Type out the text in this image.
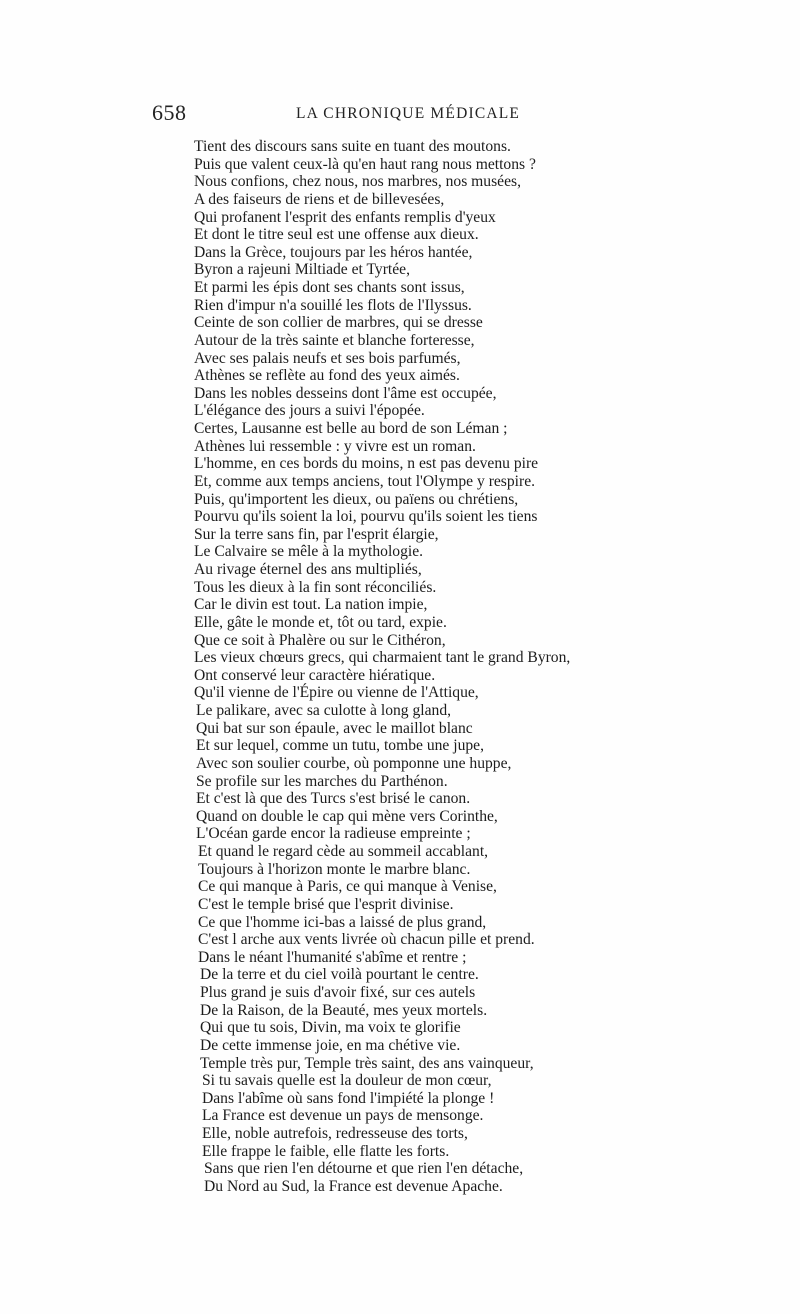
658	LA CHRONIQUE MÉDICALE
Tient des discours sans suite en tuant des moutons.
Puis que valent ceux-là qu'en haut rang nous mettons ?
Nous confions, chez nous, nos marbres, nos musées,
A des faiseurs de riens et de billevesées,
Qui profanent l'esprit des enfants remplis d'yeux
Et dont le titre seul est une offense aux dieux.
Dans la Grèce, toujours par les héros hantée,
Byron a rajeuni Miltiade et Tyrtée,
Et parmi les épis dont ses chants sont issus,
Rien d'impur n'a souillé les flots de l'Ilyssus.
Ceinte de son collier de marbres, qui se dresse
Autour de la très sainte et blanche forteresse,
Avec ses palais neufs et ses bois parfumés,
Athènes se reflète au fond des yeux aimés.
Dans les nobles desseins dont l'âme est occupée,
L'élégance des jours a suivi l'épopée.
Certes, Lausanne est belle au bord de son Léman ;
Athènes lui ressemble : y vivre est un roman.
L'homme, en ces bords du moins, n est pas devenu pire
Et, comme aux temps anciens, tout l'Olympe y respire.
Puis, qu'importent les dieux, ou païens ou chrétiens,
Pourvu qu'ils soient la loi, pourvu qu'ils soient les tiens
Sur la terre sans fin, par l'esprit élargie,
Le Calvaire se mêle à la mythologie.
Au rivage éternel des ans multipliés,
Tous les dieux à la fin sont réconciliés.
Car le divin est tout. La nation impie,
Elle, gâte le monde et, tôt ou tard, expie.
Que ce soit à Phalère ou sur le Cithéron,
Les vieux chœurs grecs, qui charmaient tant le grand Byron,
Ont conservé leur caractère hiératique.
Qu'il vienne de l'Épire ou vienne de l'Attique,
Le palikare, avec sa culotte à long gland,
Qui bat sur son épaule, avec le maillot blanc
Et sur lequel, comme un tutu, tombe une jupe,
Avec son soulier courbe, où pomponne une huppe,
Se profile sur les marches du Parthénon.
Et c'est là que des Turcs s'est brisé le canon.
Quand on double le cap qui mène vers Corinthe,
L'Océan garde encor la radieuse empreinte ;
Et quand le regard cède au sommeil accablant,
Toujours à l'horizon monte le marbre blanc.
Ce qui manque à Paris, ce qui manque à Venise,
C'est le temple brisé que l'esprit divinise.
Ce que l'homme ici-bas a laissé de plus grand,
C'est l arche aux vents livrée où chacun pille et prend.
Dans le néant l'humanité s'abîme et rentre ;
De la terre et du ciel voilà pourtant le centre.
Plus grand je suis d'avoir fixé, sur ces autels
De la Raison, de la Beauté, mes yeux mortels.
Qui que tu sois, Divin, ma voix te glorifie
De cette immense joie, en ma chétive vie.
Temple très pur, Temple très saint, des ans vainqueur,
Si tu savais quelle est la douleur de mon cœur,
Dans l'abîme où sans fond l'impiété la plonge !
La France est devenue un pays de mensonge.
Elle, noble autrefois, redresseuse des torts,
Elle frappe le faible, elle flatte les forts.
Sans que rien l'en détourne et que rien l'en détache,
Du Nord au Sud, la France est devenue Apache.
